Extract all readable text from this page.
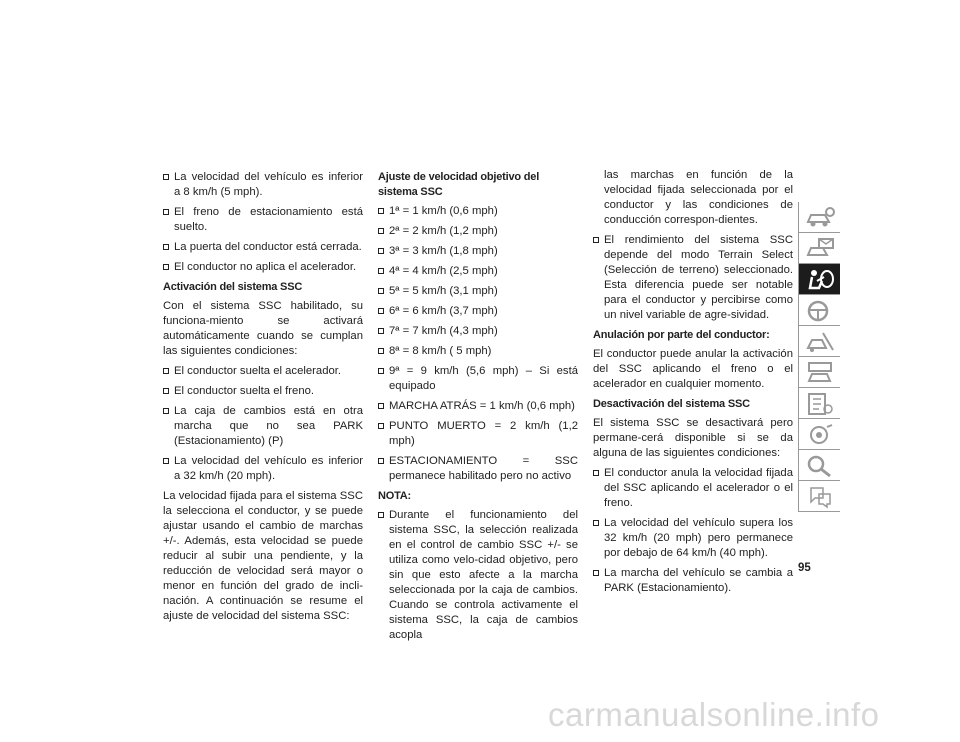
La velocidad del vehículo es inferior a 8 km/h (5 mph).
El freno de estacionamiento está suelto.
La puerta del conductor está cerrada.
El conductor no aplica el acelerador.
Activación del sistema SSC

Con el sistema SSC habilitado, su funciona-miento se activará automáticamente cuando se cumplan las siguientes condiciones:

El conductor suelta el acelerador.
El conductor suelta el freno.
La caja de cambios está en otra marcha que no sea PARK (Estacionamiento) (P)
La velocidad del vehículo es inferior a 32 km/h (20 mph).

La velocidad fijada para el sistema SSC la selecciona el conductor, y se puede ajustar usando el cambio de marchas +/-. Además, esta velocidad se puede reducir al subir una pendiente, y la reducción de velocidad será mayor o menor en función del grado de incli-nación. A continuación se resume el ajuste de velocidad del sistema SSC:

Ajuste de velocidad objetivo del sistema SSC
1ª = 1 km/h (0,6 mph)
2ª = 2 km/h (1,2 mph)
3ª = 3 km/h (1,8 mph)
4ª = 4 km/h (2,5 mph)
5ª = 5 km/h (3,1 mph)
6ª = 6 km/h (3,7 mph)
7ª = 7 km/h (4,3 mph)
8ª = 8 km/h ( 5 mph)
9ª = 9 km/h (5,6 mph) – Si está equipado
MARCHA ATRÁS = 1 km/h (0,6 mph)
PUNTO MUERTO = 2 km/h (1,2 mph)
ESTACIONAMIENTO = SSC permanece habilitado pero no activo
NOTA:
Durante el funcionamiento del sistema SSC, la selección realizada en el control de cambio SSC +/- se utiliza como velo-cidad objetivo, pero sin que esto afecte a la marcha seleccionada por la caja de cambios. Cuando se controla activamente el sistema SSC, la caja de cambios acopla
las marchas en función de la velocidad fijada seleccionada por el conductor y las condiciones de conducción correspon-dientes.
El rendimiento del sistema SSC depende del modo Terrain Select (Selección de terreno) seleccionado. Esta diferencia puede ser notable para el conductor y percibirse como un nivel variable de agre-sividad.
Anulación por parte del conductor:

El conductor puede anular la activación del SSC aplicando el freno o el acelerador en cualquier momento.

Desactivación del sistema SSC

El sistema SSC se desactivará pero permane-cerá disponible si se da alguna de las siguientes condiciones:

El conductor anula la velocidad fijada del SSC aplicando el acelerador o el freno.
La velocidad del vehículo supera los 32 km/h (20 mph) pero permanece por debajo de 64 km/h (40 mph).
La marcha del vehículo se cambia a PARK (Estacionamiento).
95
carmanualsonline.info
